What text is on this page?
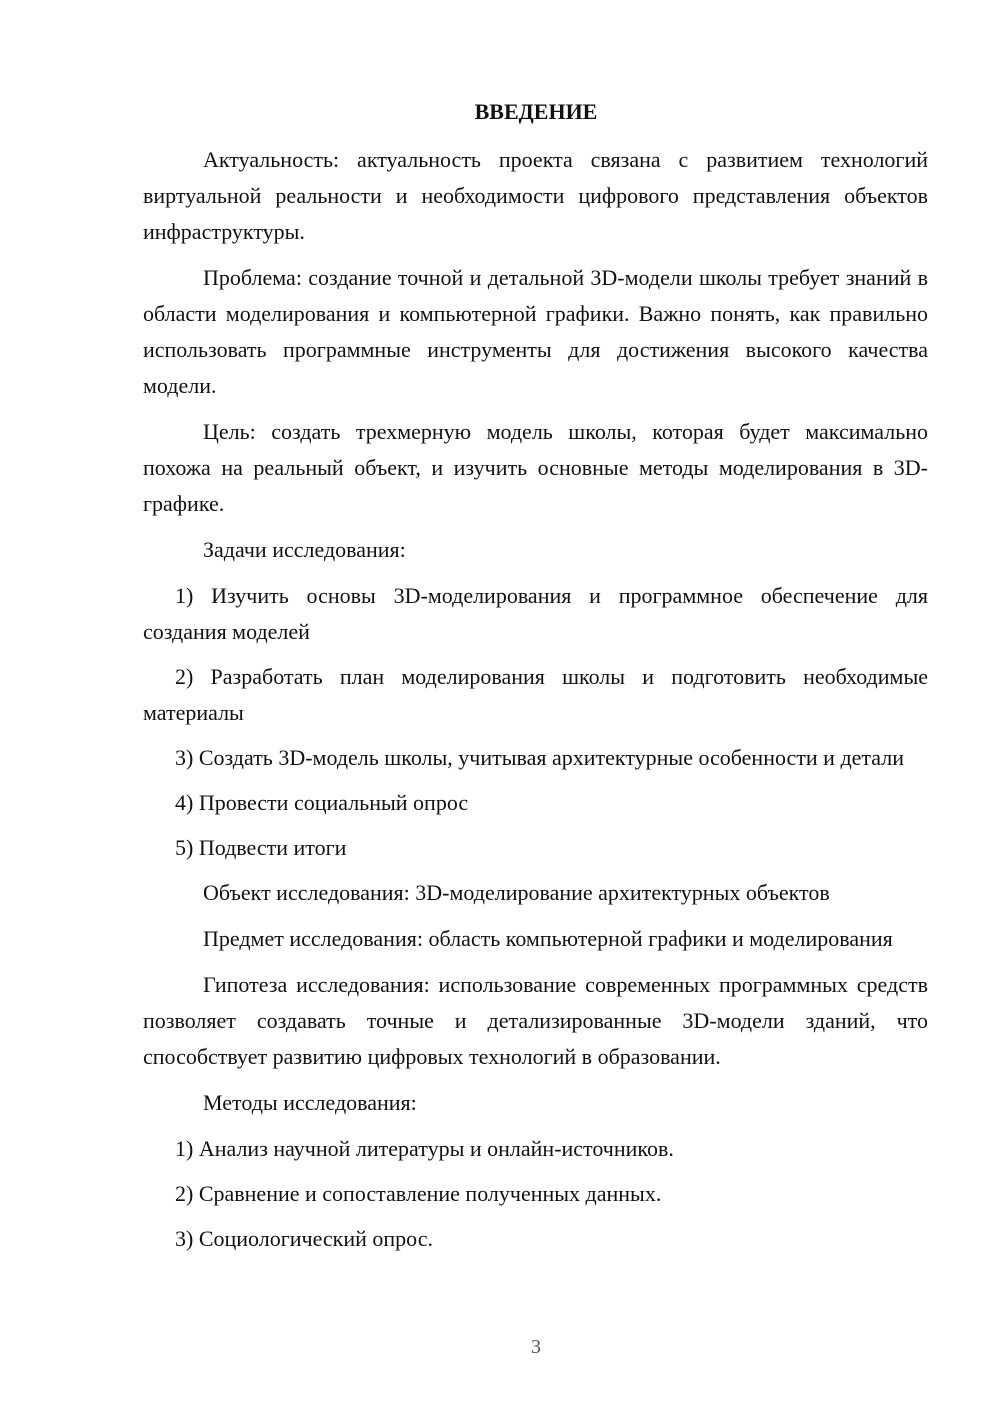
ВВЕДЕНИЕ

Актуальность: актуальность проекта связана с развитием технологий виртуальной реальности и необходимости цифрового представления объектов инфраструктуры.

Проблема: создание точной и детальной 3D-модели школы требует знаний в области моделирования и компьютерной графики. Важно понять, как правильно использовать программные инструменты для достижения высокого качества модели.

Цель: создать трехмерную модель школы, которая будет максимально похожа на реальный объект, и изучить основные методы моделирования в 3D-графике.

Задачи исследования:

1) Изучить основы 3D-моделирования и программное обеспечение для создания моделей

2) Разработать план моделирования школы и подготовить необходимые материалы

3) Создать 3D-модель школы, учитывая архитектурные особенности и детали

4) Провести социальный опрос

5) Подвести итоги

Объект исследования: 3D-моделирование архитектурных объектов

Предмет исследования: область компьютерной графики и моделирования

Гипотеза исследования: использование современных программных средств позволяет создавать точные и детализированные 3D-модели зданий, что способствует развитию цифровых технологий в образовании.

Методы исследования:

1) Анализ научной литературы и онлайн-источников.

2) Сравнение и сопоставление полученных данных.

3) Социологический опрос.

3
